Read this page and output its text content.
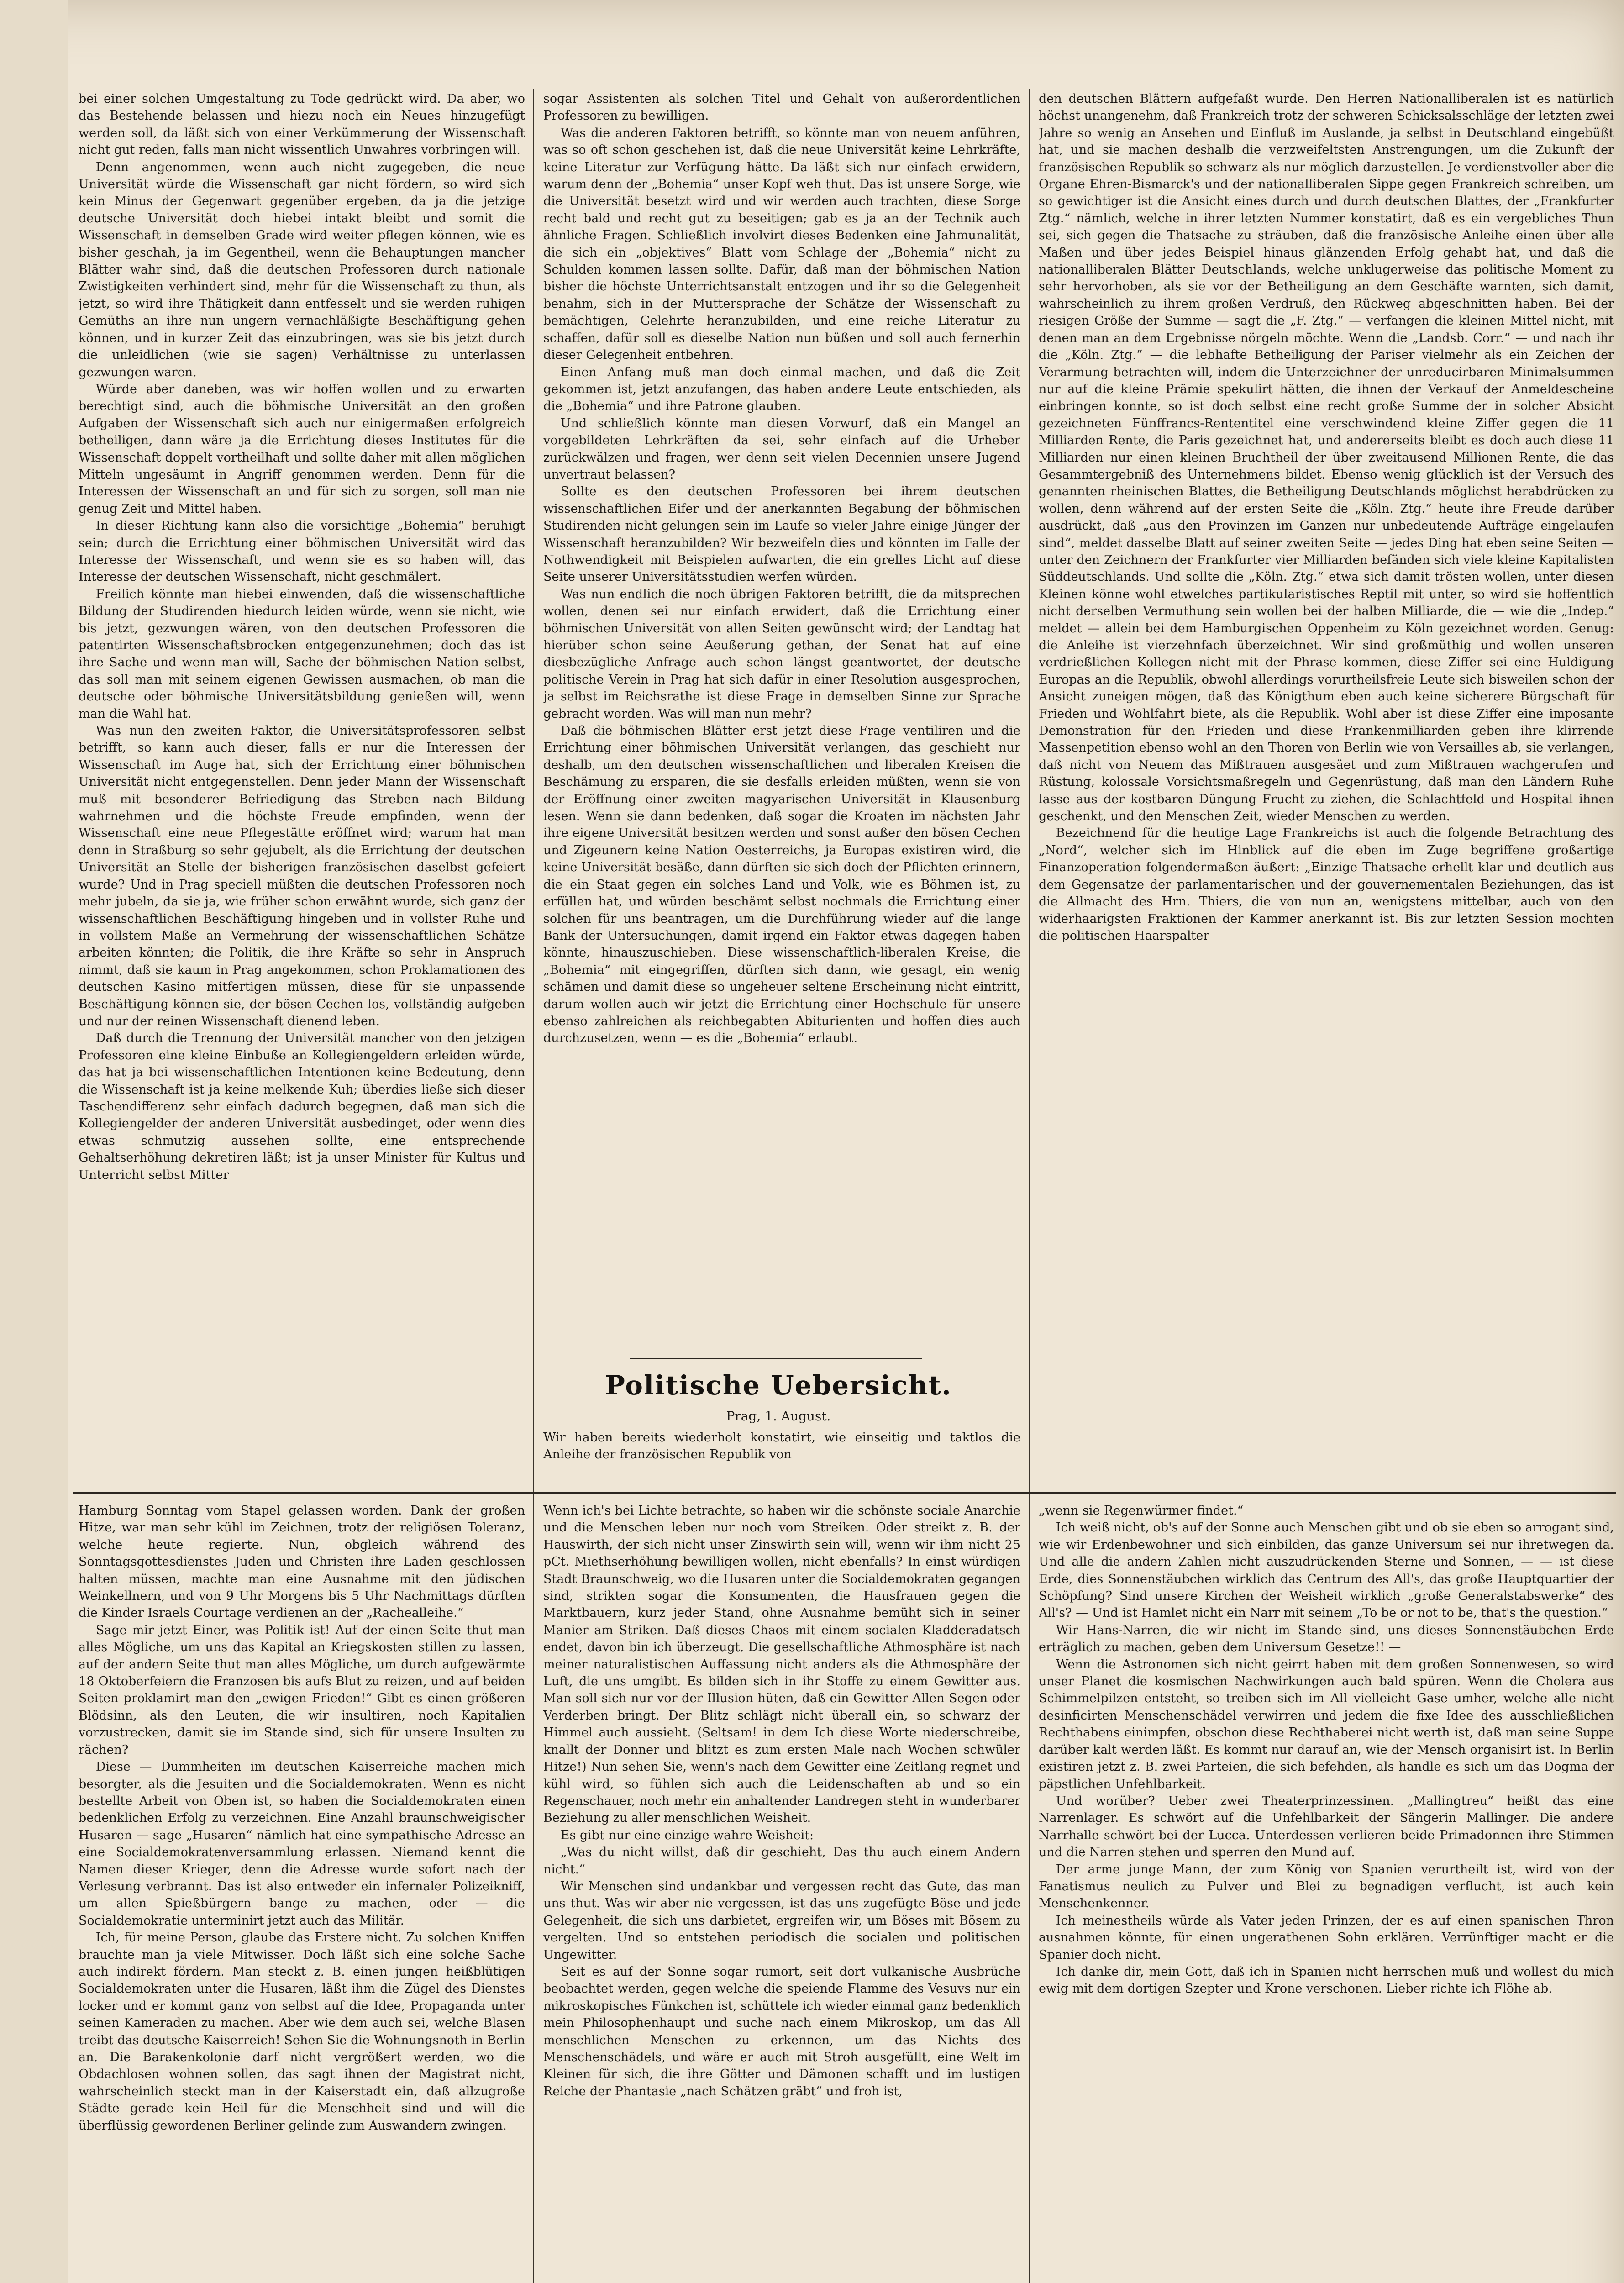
bei einer solchen Umgestaltung zu Tode gedrückt wird. Da aber, wo das Bestehende belassen und hiezu noch ein Neues hinzugefügt werden soll, da läßt sich von einer Verkümmerung der Wissenschaft nicht gut reden, falls man nicht wissentlich Unwahres vorbringen will.

Denn angenommen, wenn auch nicht zugegeben, die neue Universität würde die Wissenschaft gar nicht fördern, so wird sich kein Minus der Gegenwart gegenüber ergeben, da ja die jetzige deutsche Universität doch hiebei intakt bleibt und somit die Wissenschaft in demselben Grade wird weiter pflegen können, wie es bisher geschah, ja im Gegentheil, wenn die Behauptungen mancher Blätter wahr sind, daß die deutschen Professoren durch nationale Zwistigkeiten verhindert sind, mehr für die Wissenschaft zu thun, als jetzt, so wird ihre Thätigkeit dann entfesselt und sie werden ruhigen Gemüths an ihre nun ungern vernachläßigte Beschäftigung gehen können, und in kurzer Zeit das einzubringen, was sie bis jetzt durch die unleidlichen (wie sie sagen) Verhältnisse zu unterlassen gezwungen waren.

Würde aber daneben, was wir hoffen wollen und zu erwarten berechtigt sind, auch die böhmische Universität an den großen Aufgaben der Wissenschaft sich auch nur einigermaßen erfolgreich betheiligen, dann wäre ja die Errichtung dieses Institutes für die Wissenschaft doppelt vortheilhaft und sollte daher mit allen möglichen Mitteln ungesäumt in Angriff genommen werden. Denn für die Interessen der Wissenschaft an und für sich zu sorgen, soll man nie genug Zeit und Mittel haben.

In dieser Richtung kann also die vorsichtige „Bohemia“ beruhigt sein; durch die Errichtung einer böhmischen Universität wird das Interesse der Wissenschaft, und wenn sie es so haben will, das Interesse der deutschen Wissenschaft, nicht geschmälert.

Freilich könnte man hiebei einwenden, daß die wissenschaftliche Bildung der Studirenden hiedurch leiden würde, wenn sie nicht, wie bis jetzt, gezwungen wären, von den deutschen Professoren die patentirten Wissenschaftsbrocken entgegenzunehmen; doch das ist ihre Sache und wenn man will, Sache der böhmischen Nation selbst, das soll man mit seinem eigenen Gewissen ausmachen, ob man die deutsche oder böhmische Universitätsbildung genießen will, wenn man die Wahl hat.

Was nun den zweiten Faktor, die Universitätsprofessoren selbst betrifft, so kann auch dieser, falls er nur die Interessen der Wissenschaft im Auge hat, sich der Errichtung einer böhmischen Universität nicht entgegenstellen. Denn jeder Mann der Wissenschaft muß mit besonderer Befriedigung das Streben nach Bildung wahrnehmen und die höchste Freude empfinden, wenn der Wissenschaft eine neue Pflegestätte eröffnet wird; warum hat man denn in Straßburg so sehr gejubelt, als die Errichtung der deutschen Universität an Stelle der bisherigen französischen daselbst gefeiert wurde? Und in Prag speciell müßten die deutschen Professoren noch mehr jubeln, da sie ja, wie früher schon erwähnt wurde, sich ganz der wissenschaftlichen Beschäftigung hingeben und in vollster Ruhe und in vollstem Maße an Vermehrung der wissenschaftlichen Schätze arbeiten könnten; die Politik, die ihre Kräfte so sehr in Anspruch nimmt, daß sie kaum in Prag angekommen, schon Proklamationen des deutschen Kasino mitfertigen müssen, diese für sie unpassende Beschäftigung können sie, der bösen Cechen los, vollständig aufgeben und nur der reinen Wissenschaft dienend leben.

Daß durch die Trennung der Universität mancher von den jetzigen Professoren eine kleine Einbuße an Kollegiengeldern erleiden würde, das hat ja bei wissenschaftlichen Intentionen keine Bedeutung, denn die Wissenschaft ist ja keine melkende Kuh; überdies ließe sich dieser Taschendifferenz sehr einfach dadurch begegnen, daß man sich die Kollegiengelder der anderen Universität ausbedinget, oder wenn dies etwas schmutzig aussehen sollte, eine entsprechende Gehaltserhöhung dekretiren läßt; ist ja unser Minister für Kultus und Unterricht selbst Mitter

sogar Assistenten als solchen Titel und Gehalt von außerordentlichen Professoren zu bewilligen.

Was die anderen Faktoren betrifft, so könnte man von neuem anführen, was so oft schon geschehen ist, daß die neue Universität keine Lehrkräfte, keine Literatur zur Verfügung hätte. Da läßt sich nur einfach erwidern, warum denn der „Bohemia“ unser Kopf weh thut. Das ist unsere Sorge, wie die Universität besetzt wird und wir werden auch trachten, diese Sorge recht bald und recht gut zu beseitigen; gab es ja an der Technik auch ähnliche Fragen. Schließlich involvirt dieses Bedenken eine Jahmunalität, die sich ein „objektives“ Blatt vom Schlage der „Bohemia“ nicht zu Schulden kommen lassen sollte. Dafür, daß man der böhmischen Nation bisher die höchste Unterrichtsanstalt entzogen und ihr so die Gelegenheit benahm, sich in der Muttersprache der Schätze der Wissenschaft zu bemächtigen, Gelehrte heranzubilden, und eine reiche Literatur zu schaffen, dafür soll es dieselbe Nation nun büßen und soll auch fernerhin dieser Gelegenheit entbehren.

Einen Anfang muß man doch einmal machen, und daß die Zeit gekommen ist, jetzt anzufangen, das haben andere Leute entschieden, als die „Bohemia“ und ihre Patrone glauben.

Und schließlich könnte man diesen Vorwurf, daß ein Mangel an vorgebildeten Lehrkräften da sei, sehr einfach auf die Urheber zurückwälzen und fragen, wer denn seit vielen Decennien unsere Jugend unvertraut belassen?

Sollte es den deutschen Professoren bei ihrem deutschen wissenschaftlichen Eifer und der anerkannten Begabung der böhmischen Studirenden nicht gelungen sein im Laufe so vieler Jahre einige Jünger der Wissenschaft heranzubilden? Wir bezweifeln dies und könnten im Falle der Nothwendigkeit mit Beispielen aufwarten, die ein grelles Licht auf diese Seite unserer Universitätsstudien werfen würden.

Was nun endlich die noch übrigen Faktoren betrifft, die da mitsprechen wollen, denen sei nur einfach erwidert, daß die Errichtung einer böhmischen Universität von allen Seiten gewünscht wird; der Landtag hat hierüber schon seine Aeußerung gethan, der Senat hat auf eine diesbezügliche Anfrage auch schon längst geantwortet, der deutsche politische Verein in Prag hat sich dafür in einer Resolution ausgesprochen, ja selbst im Reichsrathe ist diese Frage in demselben Sinne zur Sprache gebracht worden. Was will man nun mehr?

Daß die böhmischen Blätter erst jetzt diese Frage ventiliren und die Errichtung einer böhmischen Universität verlangen, das geschieht nur deshalb, um den deutschen wissenschaftlichen und liberalen Kreisen die Beschämung zu ersparen, die sie desfalls erleiden müßten, wenn sie von der Eröffnung einer zweiten magyarischen Universität in Klausenburg lesen. Wenn sie dann bedenken, daß sogar die Kroaten im nächsten Jahr ihre eigene Universität besitzen werden und sonst außer den bösen Cechen und Zigeunern keine Nation Oesterreichs, ja Europas existiren wird, die keine Universität besäße, dann dürften sie sich doch der Pflichten erinnern, die ein Staat gegen ein solches Land und Volk, wie es Böhmen ist, zu erfüllen hat, und würden beschämt selbst nochmals die Errichtung einer solchen für uns beantragen, um die Durchführung wieder auf die lange Bank der Untersuchungen, damit irgend ein Faktor etwas dagegen haben könnte, hinauszuschieben. Diese wissenschaftlich-liberalen Kreise, die „Bohemia“ mit eingegriffen, dürften sich dann, wie gesagt, ein wenig schämen und damit diese so ungeheuer seltene Erscheinung nicht eintritt, darum wollen auch wir jetzt die Errichtung einer Hochschule für unsere ebenso zahlreichen als reichbegabten Abiturienten und hoffen dies auch durchzusetzen, wenn — es die „Bohemia“ erlaubt.

Politische Uebersicht.
Prag, 1. August.

Wir haben bereits wiederholt konstatirt, wie einseitig und taktlos die Anleihe der französischen Republik von

den deutschen Blättern aufgefaßt wurde. Den Herren Nationalliberalen ist es natürlich höchst unangenehm, daß Frankreich trotz der schweren Schicksalsschläge der letzten zwei Jahre so wenig an Ansehen und Einfluß im Auslande, ja selbst in Deutschland eingebüßt hat, und sie machen deshalb die verzweifeltsten Anstrengungen, um die Zukunft der französischen Republik so schwarz als nur möglich darzustellen. Je verdienstvoller aber die Organe Ehren-Bismarck's und der nationalliberalen Sippe gegen Frankreich schreiben, um so gewichtiger ist die Ansicht eines durch und durch deutschen Blattes, der „Frankfurter Ztg.“ nämlich, welche in ihrer letzten Nummer konstatirt, daß es ein vergebliches Thun sei, sich gegen die Thatsache zu sträuben, daß die französische Anleihe einen über alle Maßen und über jedes Beispiel hinaus glänzenden Erfolg gehabt hat, und daß die nationalliberalen Blätter Deutschlands, welche unklugerweise das politische Moment zu sehr hervorhoben, als sie vor der Betheiligung an dem Geschäfte warnten, sich damit, wahrscheinlich zu ihrem großen Verdruß, den Rückweg abgeschnitten haben. Bei der riesigen Größe der Summe — sagt die „F. Ztg.“ — verfangen die kleinen Mittel nicht, mit denen man an dem Ergebnisse nörgeln möchte. Wenn die „Landsb. Corr.“ — und nach ihr die „Köln. Ztg.“ — die lebhafte Betheiligung der Pariser vielmehr als ein Zeichen der Verarmung betrachten will, indem die Unterzeichner der unreducirbaren Minimalsummen nur auf die kleine Prämie spekulirt hätten, die ihnen der Verkauf der Anmeldescheine einbringen konnte, so ist doch selbst eine recht große Summe der in solcher Absicht gezeichneten Fünffrancs-Rententitel eine verschwindend kleine Ziffer gegen die 11 Milliarden Rente, die Paris gezeichnet hat, und andererseits bleibt es doch auch diese 11 Milliarden nur einen kleinen Bruchtheil der über zweitausend Millionen Rente, die das Gesammtergebniß des Unternehmens bildet. Ebenso wenig glücklich ist der Versuch des genannten rheinischen Blattes, die Betheiligung Deutschlands möglichst herabdrücken zu wollen, denn während auf der ersten Seite die „Köln. Ztg.“ heute ihre Freude darüber ausdrückt, daß „aus den Provinzen im Ganzen nur unbedeutende Aufträge eingelaufen sind“, meldet dasselbe Blatt auf seiner zweiten Seite — jedes Ding hat eben seine Seiten — unter den Zeichnern der Frankfurter vier Milliarden befänden sich viele kleine Kapitalisten Süddeutschlands. Und sollte die „Köln. Ztg.“ etwa sich damit trösten wollen, unter diesen Kleinen könne wohl etwelches partikularistisches Reptil mit unter, so wird sie hoffentlich nicht derselben Vermuthung sein wollen bei der halben Milliarde, die — wie die „Indep.“ meldet — allein bei dem Hamburgischen Oppenheim zu Köln gezeichnet worden. Genug: die Anleihe ist vierzehnfach überzeichnet. Wir sind großmüthig und wollen unseren verdrießlichen Kollegen nicht mit der Phrase kommen, diese Ziffer sei eine Huldigung Europas an die Republik, obwohl allerdings vorurtheilsfreie Leute sich bisweilen schon der Ansicht zuneigen mögen, daß das Königthum eben auch keine sicherere Bürgschaft für Frieden und Wohlfahrt biete, als die Republik. Wohl aber ist diese Ziffer eine imposante Demonstration für den Frieden und diese Frankenmilliarden geben ihre klirrende Massenpetition ebenso wohl an den Thoren von Berlin wie von Versailles ab, sie verlangen, daß nicht von Neuem das Mißtrauen ausgesäet und zum Mißtrauen wachgerufen und Rüstung, kolossale Vorsichtsmaßregeln und Gegenrüstung, daß man den Ländern Ruhe lasse aus der kostbaren Düngung Frucht zu ziehen, die Schlachtfeld und Hospital ihnen geschenkt, und den Menschen Zeit, wieder Menschen zu werden.

Bezeichnend für die heutige Lage Frankreichs ist auch die folgende Betrachtung des „Nord“, welcher sich im Hinblick auf die eben im Zuge begriffene großartige Finanzoperation folgendermaßen äußert: „Einzige Thatsache erhellt klar und deutlich aus dem Gegensatze der parlamentarischen und der gouvernementalen Beziehungen, das ist die Allmacht des Hrn. Thiers, die von nun an, wenigstens mittelbar, auch von den widerhaarigsten Fraktionen der Kammer anerkannt ist. Bis zur letzten Session mochten die politischen Haarspalter

Hamburg Sonntag vom Stapel gelassen worden. Dank der großen Hitze, war man sehr kühl im Zeichnen, trotz der religiösen Toleranz, welche heute regierte. Nun, obgleich während des Sonntagsgottesdienstes Juden und Christen ihre Laden geschlossen halten müssen, machte man eine Ausnahme mit den jüdischen Weinkellnern, und von 9 Uhr Morgens bis 5 Uhr Nachmittags dürften die Kinder Israels Courtage verdienen an der „Rachealleihe.“

Sage mir jetzt Einer, was Politik ist! Auf der einen Seite thut man alles Mögliche, um uns das Kapital an Kriegskosten stillen zu lassen, auf der andern Seite thut man alles Mögliche, um durch aufgewärmte 18 Oktoberfeiern die Franzosen bis aufs Blut zu reizen, und auf beiden Seiten proklamirt man den „ewigen Frieden!“ Gibt es einen größeren Blödsinn, als den Leuten, die wir insultiren, noch Kapitalien vorzustrecken, damit sie im Stande sind, sich für unsere Insulten zu rächen?

Diese — Dummheiten im deutschen Kaiserreiche machen mich besorgter, als die Jesuiten und die Socialdemokraten. Wenn es nicht bestellte Arbeit von Oben ist, so haben die Socialdemokraten einen bedenklichen Erfolg zu verzeichnen. Eine Anzahl braunschweigischer Husaren — sage „Husaren“ nämlich hat eine sympathische Adresse an eine Socialdemokratenversammlung erlassen. Niemand kennt die Namen dieser Krieger, denn die Adresse wurde sofort nach der Verlesung verbrannt. Das ist also entweder ein infernaler Polizeikniff, um allen Spießbürgern bange zu machen, oder — die Socialdemokratie unterminirt jetzt auch das Militär.

Ich, für meine Person, glaube das Erstere nicht. Zu solchen Kniffen brauchte man ja viele Mitwisser. Doch läßt sich eine solche Sache auch indirekt fördern. Man steckt z. B. einen jungen heißblütigen Socialdemokraten unter die Husaren, läßt ihm die Zügel des Dienstes locker und er kommt ganz von selbst auf die Idee, Propaganda unter seinen Kameraden zu machen. Aber wie dem auch sei, welche Blasen treibt das deutsche Kaiserreich! Sehen Sie die Wohnungsnoth in Berlin an. Die Barakenkolonie darf nicht vergrößert werden, wo die Obdachlosen wohnen sollen, das sagt ihnen der Magistrat nicht, wahrscheinlich steckt man in der Kaiserstadt ein, daß allzugroße Städte gerade kein Heil für die Menschheit sind und will die überflüssig gewordenen Berliner gelinde zum Auswandern zwingen.

Wenn ich's bei Lichte betrachte, so haben wir die schönste sociale Anarchie und die Menschen leben nur noch vom Streiken. Oder streikt z. B. der Hauswirth, der sich nicht unser Zinswirth sein will, wenn wir ihm nicht 25 pCt. Miethserhöhung bewilligen wollen, nicht ebenfalls? In einst würdigen Stadt Braunschweig, wo die Husaren unter die Socialdemokraten gegangen sind, strikten sogar die Konsumenten, die Hausfrauen gegen die Marktbauern, kurz jeder Stand, ohne Ausnahme bemüht sich in seiner Manier am Striken. Daß dieses Chaos mit einem socialen Kladderadatsch endet, davon bin ich überzeugt. Die gesellschaftliche Athmosphäre ist nach meiner naturalistischen Auffassung nicht anders als die Athmosphäre der Luft, die uns umgibt. Es bilden sich in ihr Stoffe zu einem Gewitter aus. Man soll sich nur vor der Illusion hüten, daß ein Gewitter Allen Segen oder Verderben bringt. Der Blitz schlägt nicht überall ein, so schwarz der Himmel auch aussieht. (Seltsam! in dem Ich diese Worte niederschreibe, knallt der Donner und blitzt es zum ersten Male nach Wochen schwüler Hitze!) Nun sehen Sie, wenn's nach dem Gewitter eine Zeitlang regnet und kühl wird, so fühlen sich auch die Leidenschaften ab und so ein Regenschauer, noch mehr ein anhaltender Landregen steht in wunderbarer Beziehung zu aller menschlichen Weisheit.

Es gibt nur eine einzige wahre Weisheit:

„Was du nicht willst, daß dir geschieht, Das thu auch einem Andern nicht.“

Wir Menschen sind undankbar und vergessen recht das Gute, das man uns thut. Was wir aber nie vergessen, ist das uns zugefügte Böse und jede Gelegenheit, die sich uns darbietet, ergreifen wir, um Böses mit Bösem zu vergelten. Und so entstehen periodisch die socialen und politischen Ungewitter.

Seit es auf der Sonne sogar rumort, seit dort vulkanische Ausbrüche beobachtet werden, gegen welche die speiende Flamme des Vesuvs nur ein mikroskopisches Fünkchen ist, schüttele ich wieder einmal ganz bedenklich mein Philosophenhaupt und suche nach einem Mikroskop, um das All menschlichen Menschen zu erkennen, um das Nichts des Menschenschädels, und wäre er auch mit Stroh ausgefüllt, eine Welt im Kleinen für sich, die ihre Götter und Dämonen schafft und im lustigen Reiche der Phantasie „nach Schätzen gräbt“ und froh ist,

„wenn sie Regenwürmer findet.“

Ich weiß nicht, ob's auf der Sonne auch Menschen gibt und ob sie eben so arrogant sind, wie wir Erdenbewohner und sich einbilden, das ganze Universum sei nur ihretwegen da. Und alle die andern Zahlen nicht auszudrückenden Sterne und Sonnen, — — ist diese Erde, dies Sonnenstäubchen wirklich das Centrum des All's, das große Hauptquartier der Schöpfung? Sind unsere Kirchen der Weisheit wirklich „große Generalstabswerke“ des All's? — Und ist Hamlet nicht ein Narr mit seinem „To be or not to be, that's the question.“

Wir Hans-Narren, die wir nicht im Stande sind, uns dieses Sonnenstäubchen Erde erträglich zu machen, geben dem Universum Gesetze!! —

Wenn die Astronomen sich nicht geirrt haben mit dem großen Sonnenwesen, so wird unser Planet die kosmischen Nachwirkungen auch bald spüren. Wenn die Cholera aus Schimmelpilzen entsteht, so treiben sich im All vielleicht Gase umher, welche alle nicht desinficirten Menschenschädel verwirren und jedem die fixe Idee des ausschließlichen Rechthabens einimpfen, obschon diese Rechthaberei nicht werth ist, daß man seine Suppe darüber kalt werden läßt. Es kommt nur darauf an, wie der Mensch organisirt ist. In Berlin existiren jetzt z. B. zwei Parteien, die sich befehden, als handle es sich um das Dogma der päpstlichen Unfehlbarkeit.

Und worüber? Ueber zwei Theaterprinzessinen. „Mallingtreu“ heißt das eine Narrenlager. Es schwört auf die Unfehlbarkeit der Sängerin Mallinger. Die andere Narrhalle schwört bei der Lucca. Unterdessen verlieren beide Primadonnen ihre Stimmen und die Narren stehen und sperren den Mund auf.

Der arme junge Mann, der zum König von Spanien verurtheilt ist, wird von der Fanatismus neulich zu Pulver und Blei zu begnadigen verflucht, ist auch kein Menschenkenner.

Ich meinestheils würde als Vater jeden Prinzen, der es auf einen spanischen Thron ausnahmen könnte, für einen ungerathenen Sohn erklären. Verrünftiger macht er die Spanier doch nicht.

Ich danke dir, mein Gott, daß ich in Spanien nicht herrschen muß und wollest du mich ewig mit dem dortigen Szepter und Krone verschonen. Lieber richte ich Flöhe ab.
